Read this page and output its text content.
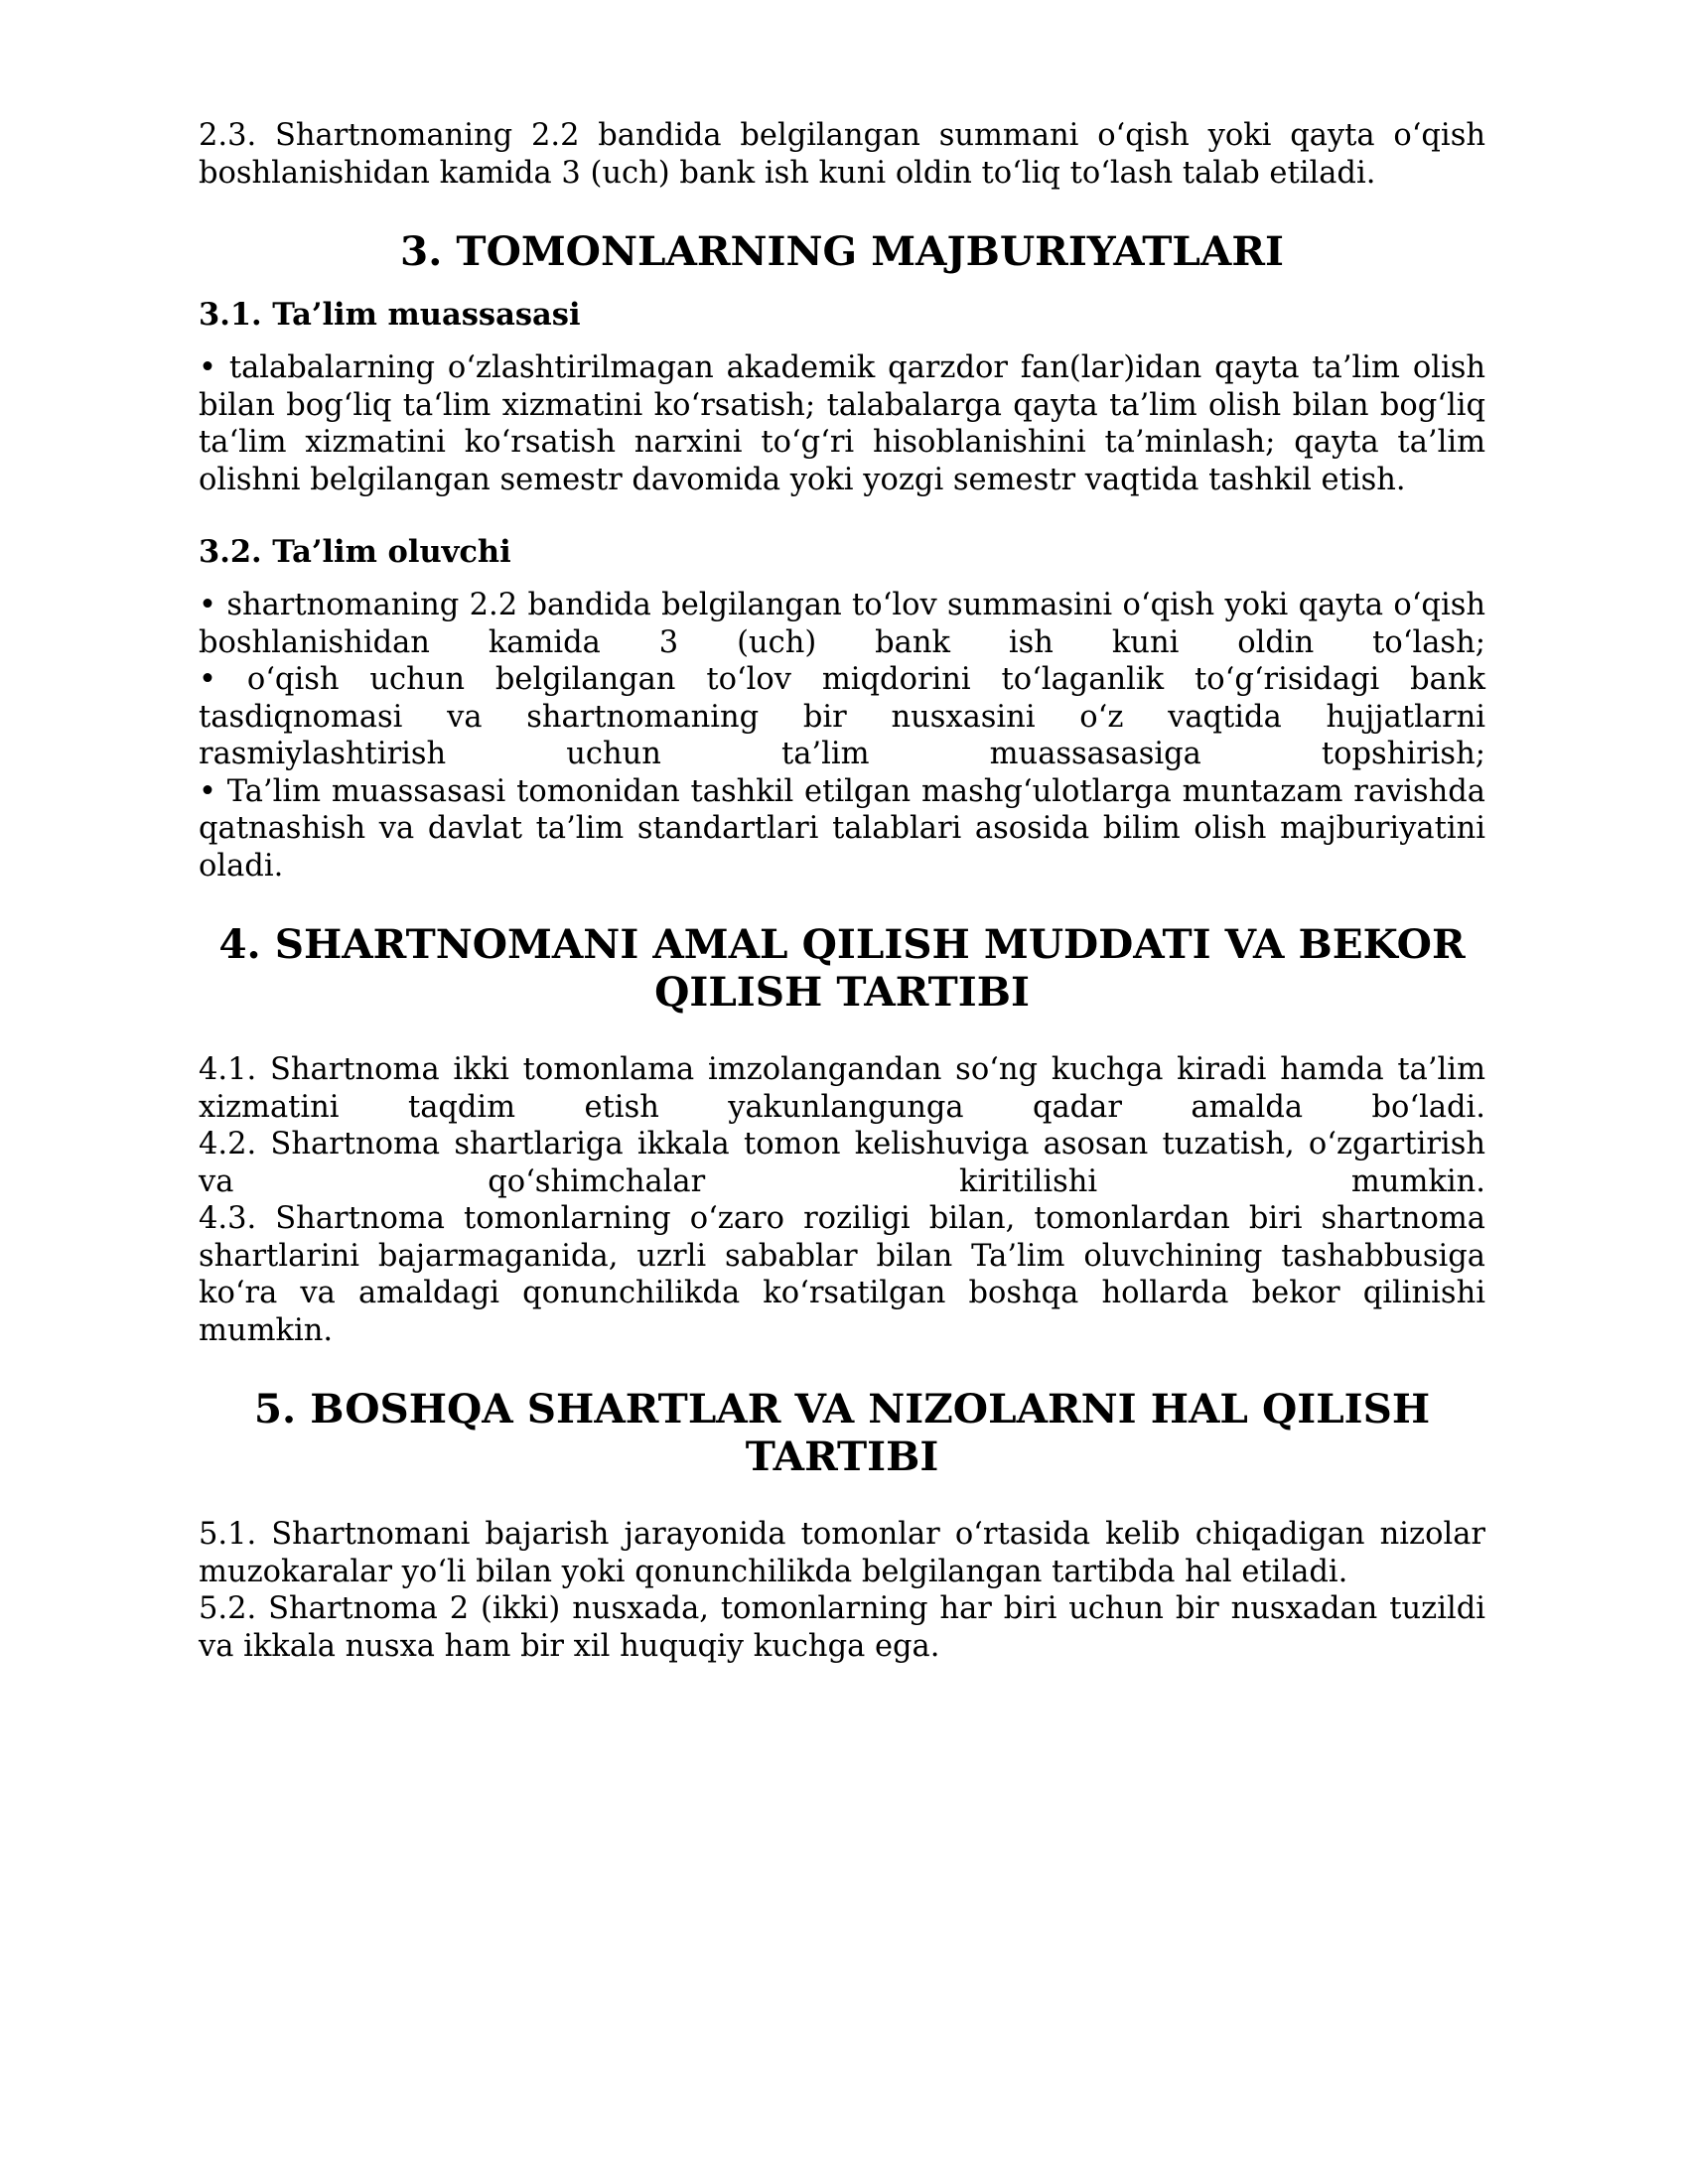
2.3. Shartnomaning 2.2 bandida belgilangan summani oʻqish yoki qayta oʻqish boshlanishidan kamida 3 (uch) bank ish kuni oldin toʻliq toʻlash talab etiladi.

3. TOMONLARNING MAJBURIYATLARI
3.1. Ta’lim muassasasi

• talabalarning oʻzlashtirilmagan akademik qarzdor fan(lar)idan qayta ta’lim olish bilan bogʻliq taʻlim xizmatini koʻrsatish; talabalarga qayta ta’lim olish bilan bogʻliq taʻlim xizmatini koʻrsatish narxini toʻgʻri hisoblanishini ta’minlash; qayta ta’lim olishni belgilangan semestr davomida yoki yozgi semestr vaqtida tashkil etish.

3.2. Ta’lim oluvchi

• shartnomaning 2.2 bandida belgilangan toʻlov summasini oʻqish yoki qayta oʻqish boshlanishidan kamida 3 (uch) bank ish kuni oldin toʻlash;

• oʻqish uchun belgilangan toʻlov miqdorini toʻlaganlik toʻgʻrisidagi bank tasdiqnomasi va shartnomaning bir nusxasini oʻz vaqtida hujjatlarni rasmiylashtirish uchun ta’lim muassasasiga topshirish;

• Ta’lim muassasasi tomonidan tashkil etilgan mashgʻulotlarga muntazam ravishda qatnashish va davlat ta’lim standartlari talablari asosida bilim olish majburiyatini oladi.

4. SHARTNOMANI AMAL QILISH MUDDATI VA BEKOR
QILISH TARTIBI

4.1. Shartnoma ikki tomonlama imzolangandan soʻng kuchga kiradi hamda ta’lim xizmatini taqdim etish yakunlangunga qadar amalda boʻladi.

4.2. Shartnoma shartlariga ikkala tomon kelishuviga asosan tuzatish, oʻzgartirish va qoʻshimchalar kiritilishi mumkin.

4.3. Shartnoma tomonlarning oʻzaro roziligi bilan, tomonlardan biri shartnoma shartlarini bajarmaganida, uzrli sabablar bilan Ta’lim oluvchining tashabbusiga koʻra va amaldagi qonunchilikda koʻrsatilgan boshqa hollarda bekor qilinishi mumkin.

5. BOSHQA SHARTLAR VA NIZOLARNI HAL QILISH
TARTIBI

5.1. Shartnomani bajarish jarayonida tomonlar oʻrtasida kelib chiqadigan nizolar muzokaralar yoʻli bilan yoki qonunchilikda belgilangan tartibda hal etiladi.

5.2. Shartnoma 2 (ikki) nusxada, tomonlarning har biri uchun bir nusxadan tuzildi va ikkala nusxa ham bir xil huquqiy kuchga ega.
